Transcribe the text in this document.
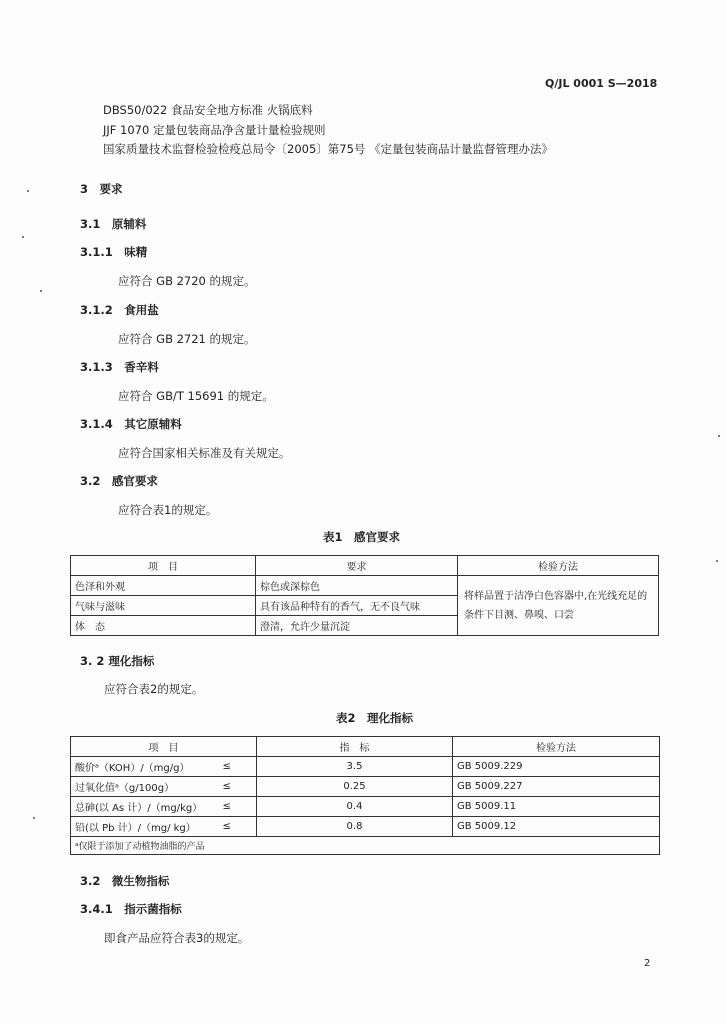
Q/JL 0001 S—2018
DBS50/022 食品安全地方标准 火锅底料
JJF 1070 定量包装商品净含量计量检验规则
国家质量技术监督检验检疫总局令〔2005〕第75号 《定量包装商品计量监督管理办法》
3　要求
3.1　原辅料
3.1.1　味精
应符合 GB 2720 的规定。
3.1.2　食用盐
应符合 GB 2721 的规定。
3.1.3　香辛料
应符合 GB/T 15691 的规定。
3.1.4　其它原辅料
应符合国家相关标准及有关规定。
3.2　感官要求
应符合表1的规定。
表1　感官要求
项　目	要求	检验方法
色泽和外观	棕色或深棕色	将样品置于洁净白色容器中,在光线充足的条件下目测、鼻嗅、口尝
气味与滋味	具有该品种特有的香气，无不良气味	
体　态	澄清，允许少量沉淀	
3. 2 理化指标
应符合表2的规定。
表2　理化指标
项　目		指　标	检验方法
酸价ᵃ（KOH）/（mg/g）	≤	3.5	GB 5009.229
过氧化值ᵃ（g/100g）	≤	0.25	GB 5009.227
总砷(以 As 计）/（mg/kg）	≤	0.4	GB 5009.11
铅(以 Pb 计）/（mg/ kg）	≤	0.8	GB 5009.12
ᵃ仅限于添加了动植物油脂的产品			
3.2　微生物指标
3.4.1　指示菌指标
即食产品应符合表3的规定。
2
